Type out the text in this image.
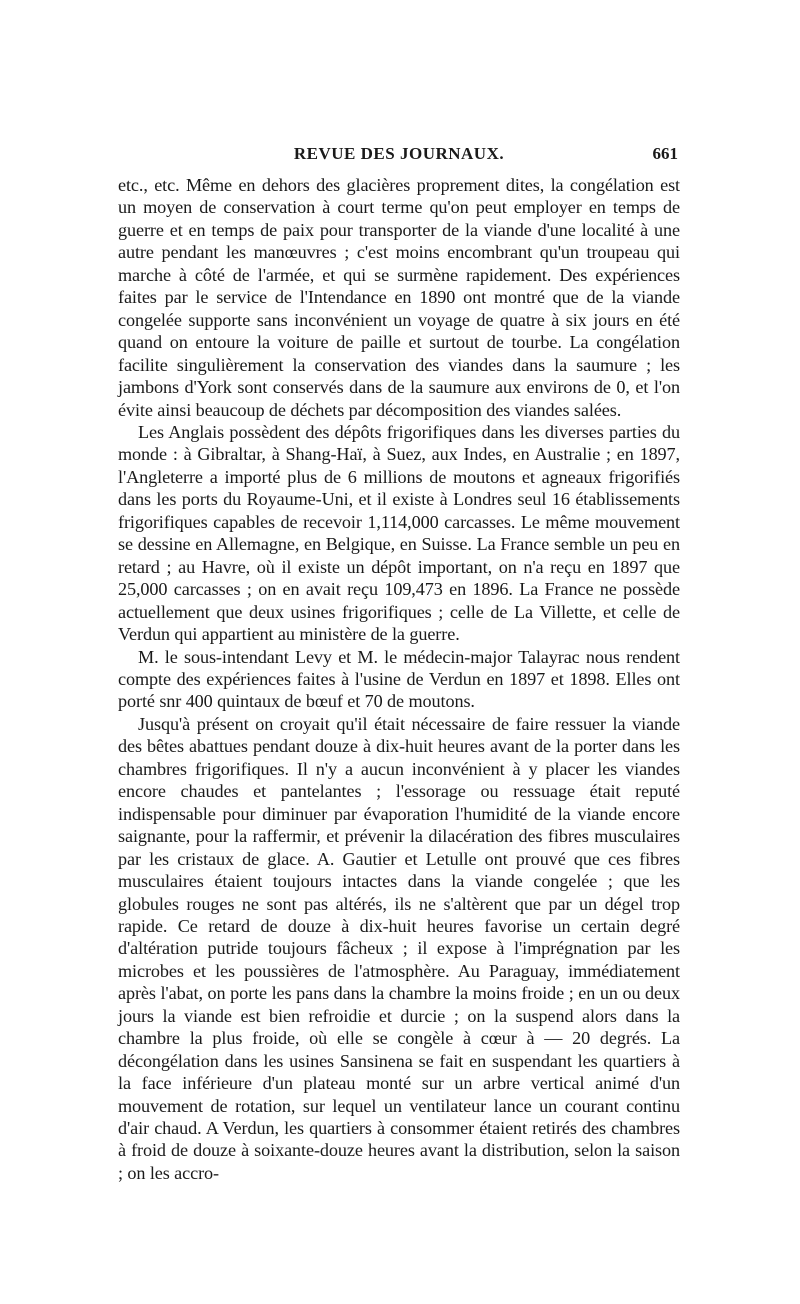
REVUE DES JOURNAUX.	661

etc., etc. Même en dehors des glacières proprement dites, la congélation est un moyen de conservation à court terme qu'on peut employer en temps de guerre et en temps de paix pour transporter de la viande d'une localité à une autre pendant les manœuvres ; c'est moins encombrant qu'un troupeau qui marche à côté de l'armée, et qui se surmène rapidement. Des expériences faites par le service de l'Intendance en 1890 ont montré que de la viande congelée supporte sans inconvénient un voyage de quatre à six jours en été quand on entoure la voiture de paille et surtout de tourbe. La congélation facilite singulièrement la conservation des viandes dans la saumure ; les jambons d'York sont conservés dans de la saumure aux environs de 0, et l'on évite ainsi beaucoup de déchets par décomposition des viandes salées.

Les Anglais possèdent des dépôts frigorifiques dans les diverses parties du monde : à Gibraltar, à Shang-Haï, à Suez, aux Indes, en Australie ; en 1897, l'Angleterre a importé plus de 6 millions de moutons et agneaux frigorifiés dans les ports du Royaume-Uni, et il existe à Londres seul 16 établissements frigorifiques capables de recevoir 1,114,000 carcasses. Le même mouvement se dessine en Allemagne, en Belgique, en Suisse. La France semble un peu en retard ; au Havre, où il existe un dépôt important, on n'a reçu en 1897 que 25,000 carcasses ; on en avait reçu 109,473 en 1896. La France ne possède actuellement que deux usines frigorifiques ; celle de La Villette, et celle de Verdun qui appartient au ministère de la guerre.

M. le sous-intendant Levy et M. le médecin-major Talayrac nous rendent compte des expériences faites à l'usine de Verdun en 1897 et 1898. Elles ont porté snr 400 quintaux de bœuf et 70 de moutons.

Jusqu'à présent on croyait qu'il était nécessaire de faire ressuer la viande des bêtes abattues pendant douze à dix-huit heures avant de la porter dans les chambres frigorifiques. Il n'y a aucun inconvénient à y placer les viandes encore chaudes et pantelantes ; l'essorage ou ressuage était reputé indispensable pour diminuer par évaporation l'humidité de la viande encore saignante, pour la raffermir, et prévenir la dilacération des fibres musculaires par les cristaux de glace. A. Gautier et Letulle ont prouvé que ces fibres musculaires étaient toujours intactes dans la viande congelée ; que les globules rouges ne sont pas altérés, ils ne s'altèrent que par un dégel trop rapide. Ce retard de douze à dix-huit heures favorise un certain degré d'altération putride toujours fâcheux ; il expose à l'imprégnation par les microbes et les poussières de l'atmosphère. Au Paraguay, immédiatement après l'abat, on porte les pans dans la chambre la moins froide ; en un ou deux jours la viande est bien refroidie et durcie ; on la suspend alors dans la chambre la plus froide, où elle se congèle à cœur à — 20 degrés. La décongélation dans les usines Sansinena se fait en suspendant les quartiers à la face inférieure d'un plateau monté sur un arbre vertical animé d'un mouvement de rotation, sur lequel un ventilateur lance un courant continu d'air chaud. A Verdun, les quartiers à consommer étaient retirés des chambres à froid de douze à soixante-douze heures avant la distribution, selon la saison ; on les accro-
